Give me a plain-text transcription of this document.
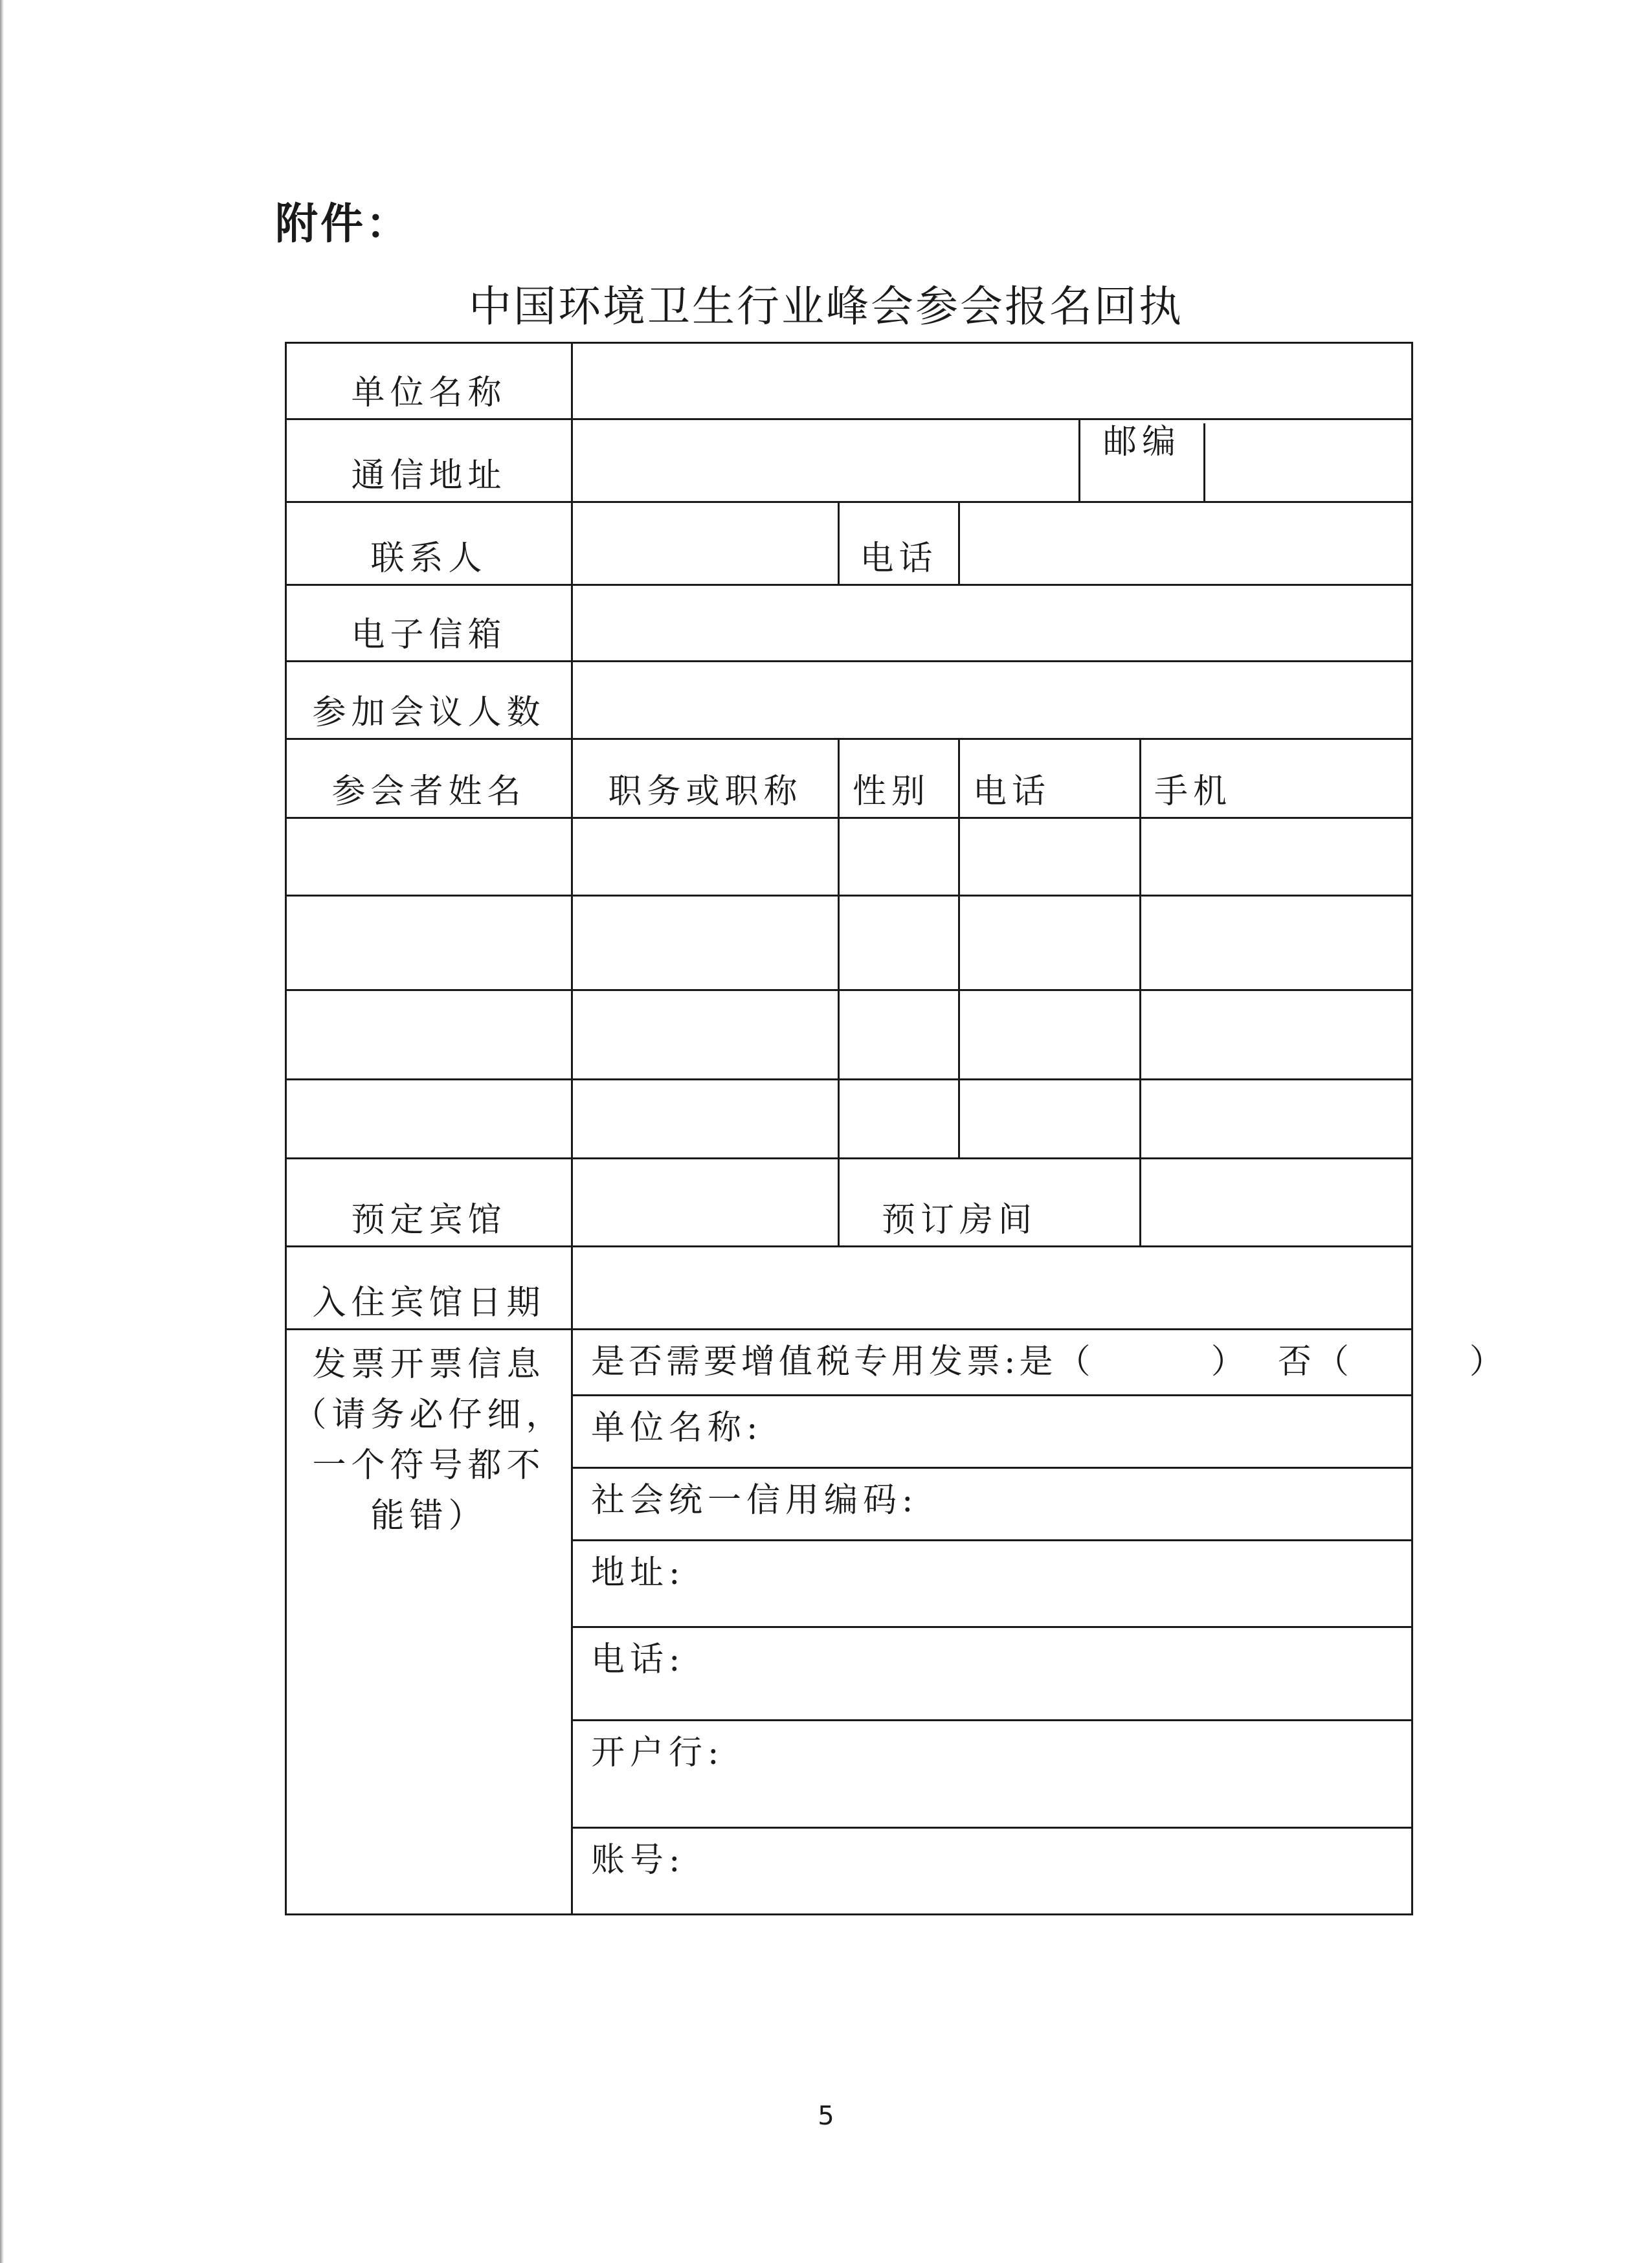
附件：
中国环境卫生行业峰会参会报名回执
单位名称					
通信地址				邮编	

联系人		电话			
电子信箱					
参加会议人数					
参会者姓名	职务或职称	性别	电话		手机

预定宾馆		预订房间			

入住宾馆日期					

发票开票信息
（请务必仔细，
一个符号都不
能错）	是否需要增值税专用发票:是（        ）  否（        ）				
	单位名称:				
	社会统一信用编码:				
	地址:				
	电话:				
	开户行:				
	账号:				
5
